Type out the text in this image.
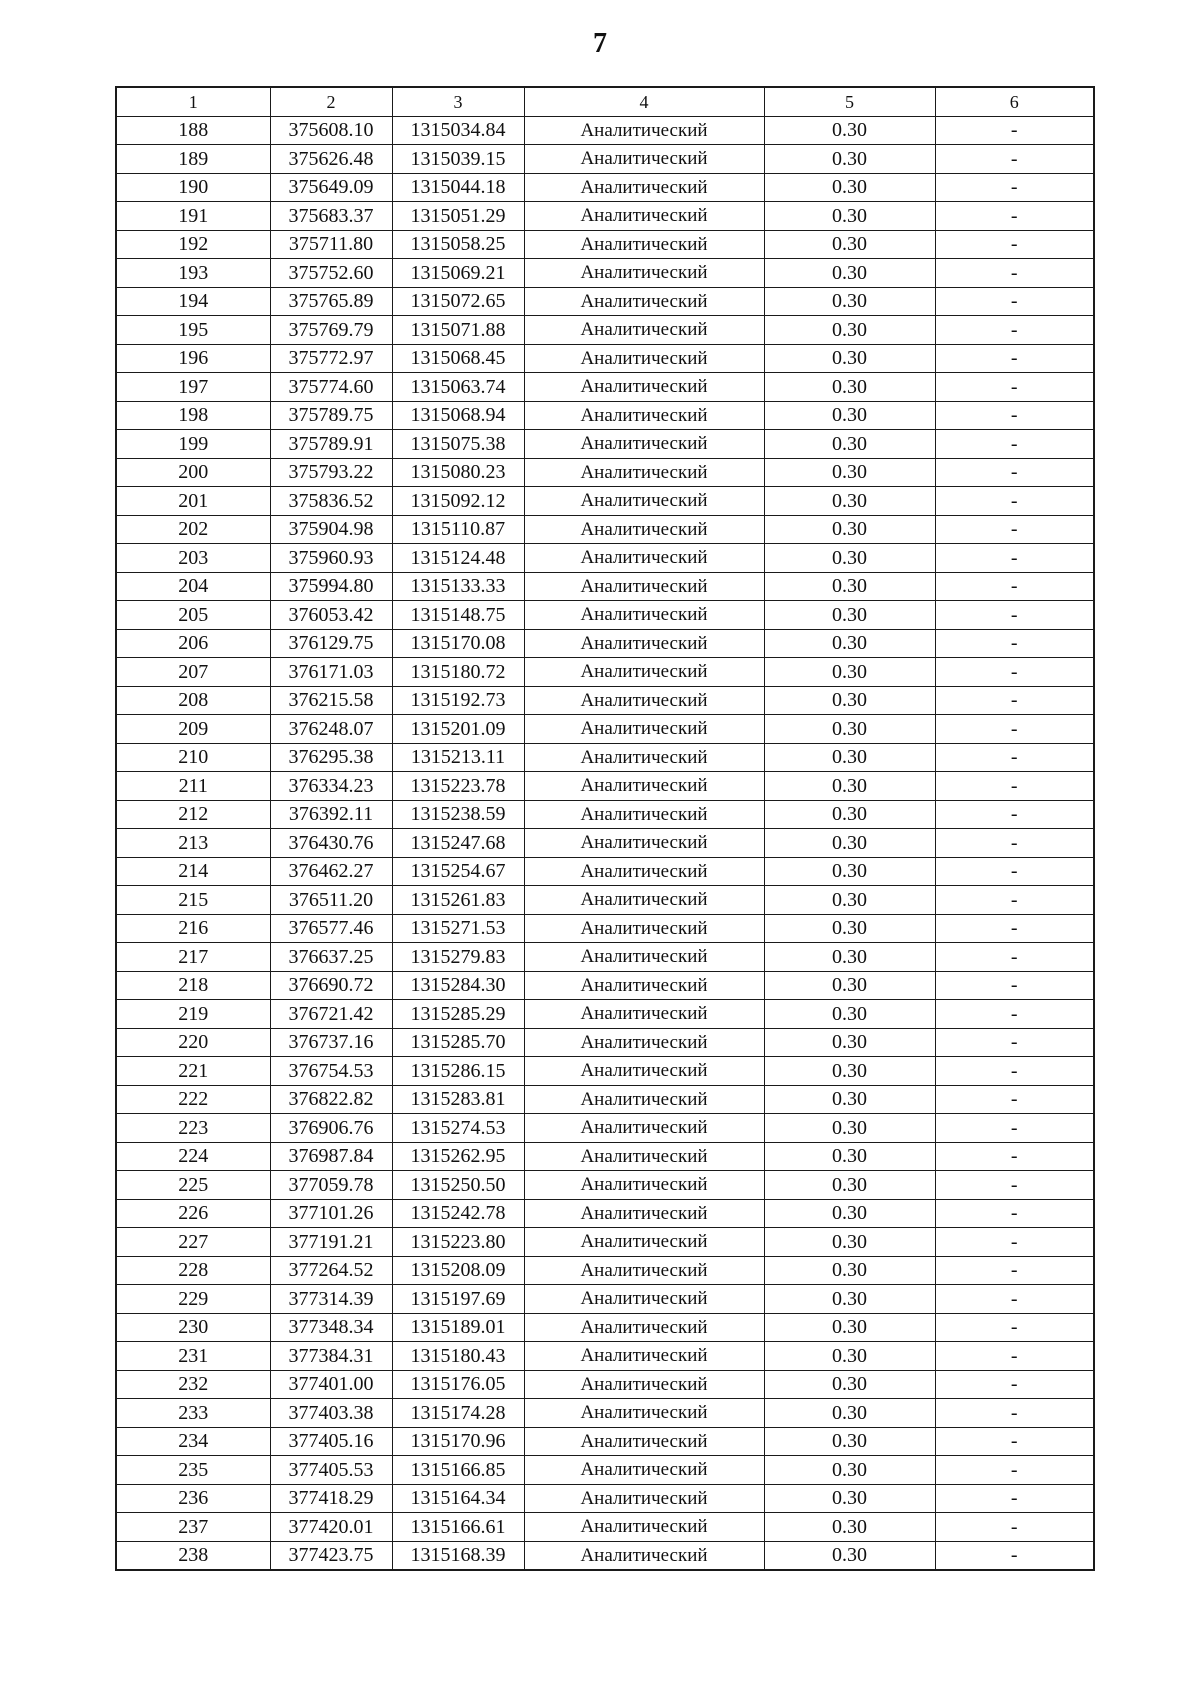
7
1	2	3	4	5	6
188	375608.10	1315034.84	Аналитический	0.30	-
189	375626.48	1315039.15	Аналитический	0.30	-
190	375649.09	1315044.18	Аналитический	0.30	-
191	375683.37	1315051.29	Аналитический	0.30	-
192	375711.80	1315058.25	Аналитический	0.30	-
193	375752.60	1315069.21	Аналитический	0.30	-
194	375765.89	1315072.65	Аналитический	0.30	-
195	375769.79	1315071.88	Аналитический	0.30	-
196	375772.97	1315068.45	Аналитический	0.30	-
197	375774.60	1315063.74	Аналитический	0.30	-
198	375789.75	1315068.94	Аналитический	0.30	-
199	375789.91	1315075.38	Аналитический	0.30	-
200	375793.22	1315080.23	Аналитический	0.30	-
201	375836.52	1315092.12	Аналитический	0.30	-
202	375904.98	1315110.87	Аналитический	0.30	-
203	375960.93	1315124.48	Аналитический	0.30	-
204	375994.80	1315133.33	Аналитический	0.30	-
205	376053.42	1315148.75	Аналитический	0.30	-
206	376129.75	1315170.08	Аналитический	0.30	-
207	376171.03	1315180.72	Аналитический	0.30	-
208	376215.58	1315192.73	Аналитический	0.30	-
209	376248.07	1315201.09	Аналитический	0.30	-
210	376295.38	1315213.11	Аналитический	0.30	-
211	376334.23	1315223.78	Аналитический	0.30	-
212	376392.11	1315238.59	Аналитический	0.30	-
213	376430.76	1315247.68	Аналитический	0.30	-
214	376462.27	1315254.67	Аналитический	0.30	-
215	376511.20	1315261.83	Аналитический	0.30	-
216	376577.46	1315271.53	Аналитический	0.30	-
217	376637.25	1315279.83	Аналитический	0.30	-
218	376690.72	1315284.30	Аналитический	0.30	-
219	376721.42	1315285.29	Аналитический	0.30	-
220	376737.16	1315285.70	Аналитический	0.30	-
221	376754.53	1315286.15	Аналитический	0.30	-
222	376822.82	1315283.81	Аналитический	0.30	-
223	376906.76	1315274.53	Аналитический	0.30	-
224	376987.84	1315262.95	Аналитический	0.30	-
225	377059.78	1315250.50	Аналитический	0.30	-
226	377101.26	1315242.78	Аналитический	0.30	-
227	377191.21	1315223.80	Аналитический	0.30	-
228	377264.52	1315208.09	Аналитический	0.30	-
229	377314.39	1315197.69	Аналитический	0.30	-
230	377348.34	1315189.01	Аналитический	0.30	-
231	377384.31	1315180.43	Аналитический	0.30	-
232	377401.00	1315176.05	Аналитический	0.30	-
233	377403.38	1315174.28	Аналитический	0.30	-
234	377405.16	1315170.96	Аналитический	0.30	-
235	377405.53	1315166.85	Аналитический	0.30	-
236	377418.29	1315164.34	Аналитический	0.30	-
237	377420.01	1315166.61	Аналитический	0.30	-
238	377423.75	1315168.39	Аналитический	0.30	-
